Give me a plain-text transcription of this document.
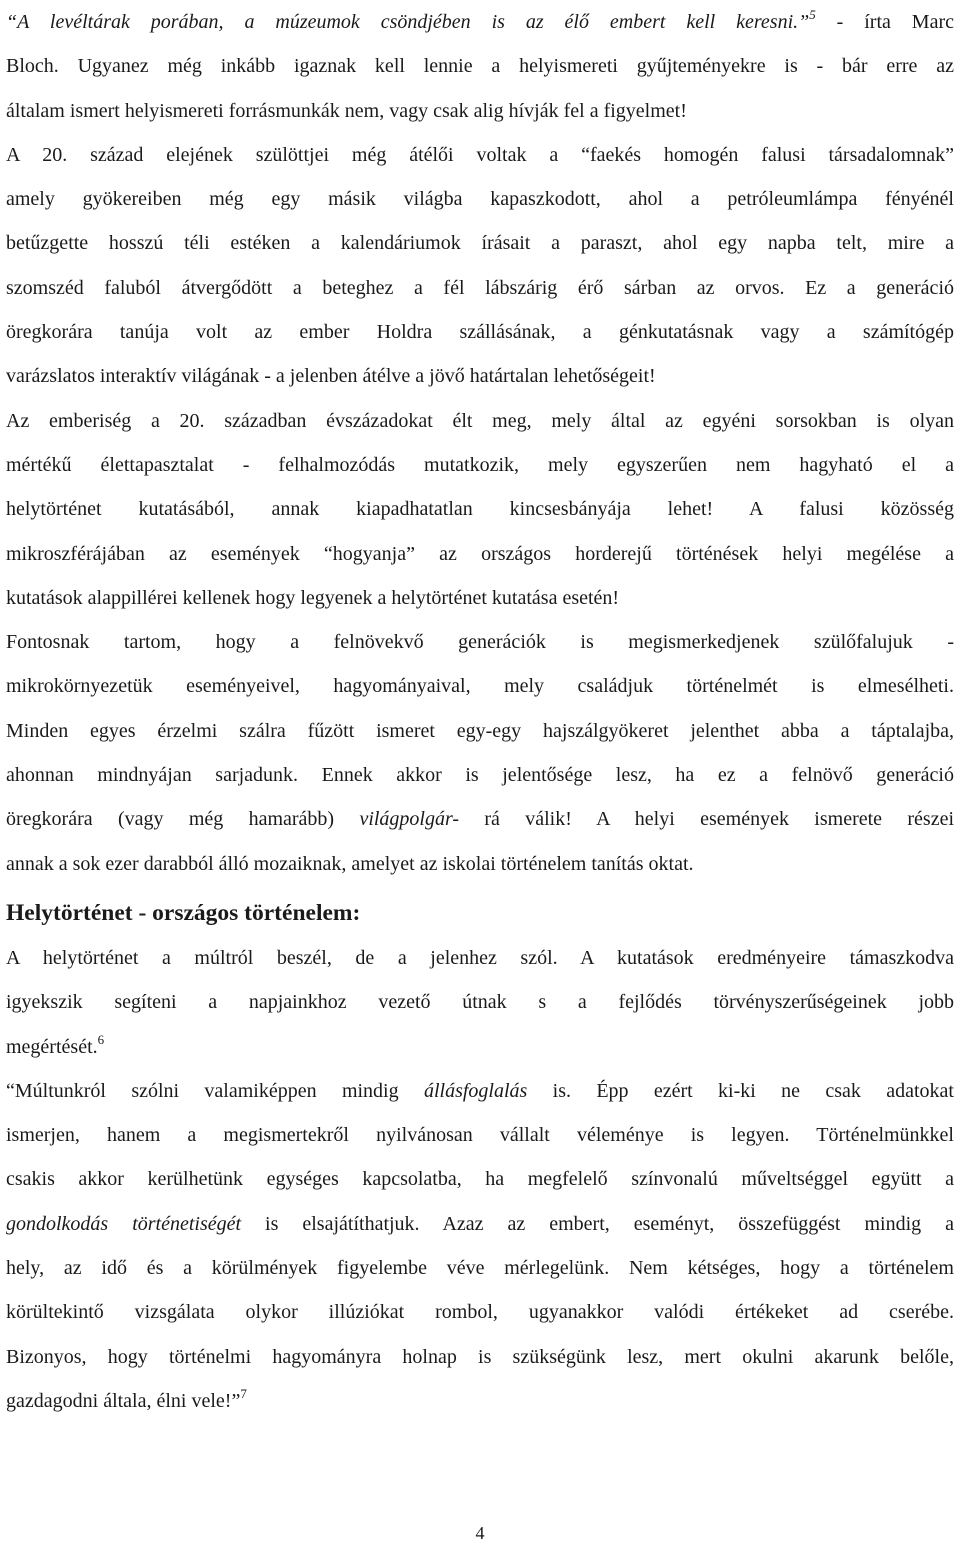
“A levéltárak porában, a múzeumok csöndjében is az élő embert kell keresni.”$^5$ - írta Marc
Bloch. Ugyanez még inkább igaznak kell lennie a helyismereti gyűjteményekre is - bár erre az
általam ismert helyismereti forrásmunkák nem, vagy csak alig hívják fel a figyelmet!
A 20. század elejének szülöttjei még átélői voltak a “faekés homogén falusi társadalomnak”
amely gyökereiben még egy másik világba kapaszkodott, ahol a petróleumlámpa fényénél
betűzgette hosszú téli estéken a kalendáriumok írásait a paraszt, ahol egy napba telt, mire a
szomszéd faluból átvergődött a beteghez a fél lábszárig érő sárban az orvos. Ez a generáció
öregkorára tanúja volt az ember Holdra szállásának, a génkutatásnak vagy a számítógép
varázslatos interaktív világának - a jelenben átélve a jövő határtalan lehetőségeit!
Az emberiség a 20. században évszázadokat élt meg, mely által az egyéni sorsokban is olyan
mértékű élettapasztalat - felhalmozódás mutatkozik, mely egyszerűen nem hagyható el a
helytörténet kutatásából, annak kiapadhatatlan kincsesbányája lehet! A falusi közösség
mikroszférájában az események “hogyanja” az országos horderejű történések helyi megélése a
kutatások alappillérei kellenek hogy legyenek a helytörténet kutatása esetén!
Fontosnak tartom, hogy a felnövekvő generációk is megismerkedjenek szülőfalujuk -
mikrokörnyezetük eseményeivel, hagyományaival, mely családjuk történelmét is elmesélheti.
Minden egyes érzelmi szálra fűzött ismeret egy-egy hajszálgyökeret jelenthet abba a táptalajba,
ahonnan mindnyájan sarjadunk. Ennek akkor is jelentősége lesz, ha ez a felnövő generáció
öregkorára (vagy még hamarább) világpolgár- rá válik! A helyi események ismerete részei
annak a sok ezer darabból álló mozaiknak, amelyet az iskolai történelem tanítás oktat.
Helytörténet - országos történelem:
A helytörténet a múltról beszél, de a jelenhez szól. A kutatások eredményeire támaszkodva
igyekszik segíteni a napjainkhoz vezető útnak s a fejlődés törvényszerűségeinek jobb
megértését.$^6$
“Múltunkról szólni valamiképpen mindig állásfoglalás is. Épp ezért ki-ki ne csak adatokat
ismerjen, hanem a megismertekről nyilvánosan vállalt véleménye is legyen. Történelmünkkel
csakis akkor kerülhetünk egységes kapcsolatba, ha megfelelő színvonalú műveltséggel együtt a
gondolkodás történetiségét is elsajátíthatjuk. Azaz az embert, eseményt, összefüggést mindig a
hely, az idő és a körülmények figyelembe véve mérlegelünk. Nem kétséges, hogy a történelem
körültekintő vizsgálata olykor illúziókat rombol, ugyanakkor valódi értékeket ad cserébe.
Bizonyos, hogy történelmi hagyományra holnap is szükségünk lesz, mert okulni akarunk belőle,
gazdagodni általa, élni vele!”$^7$
4
